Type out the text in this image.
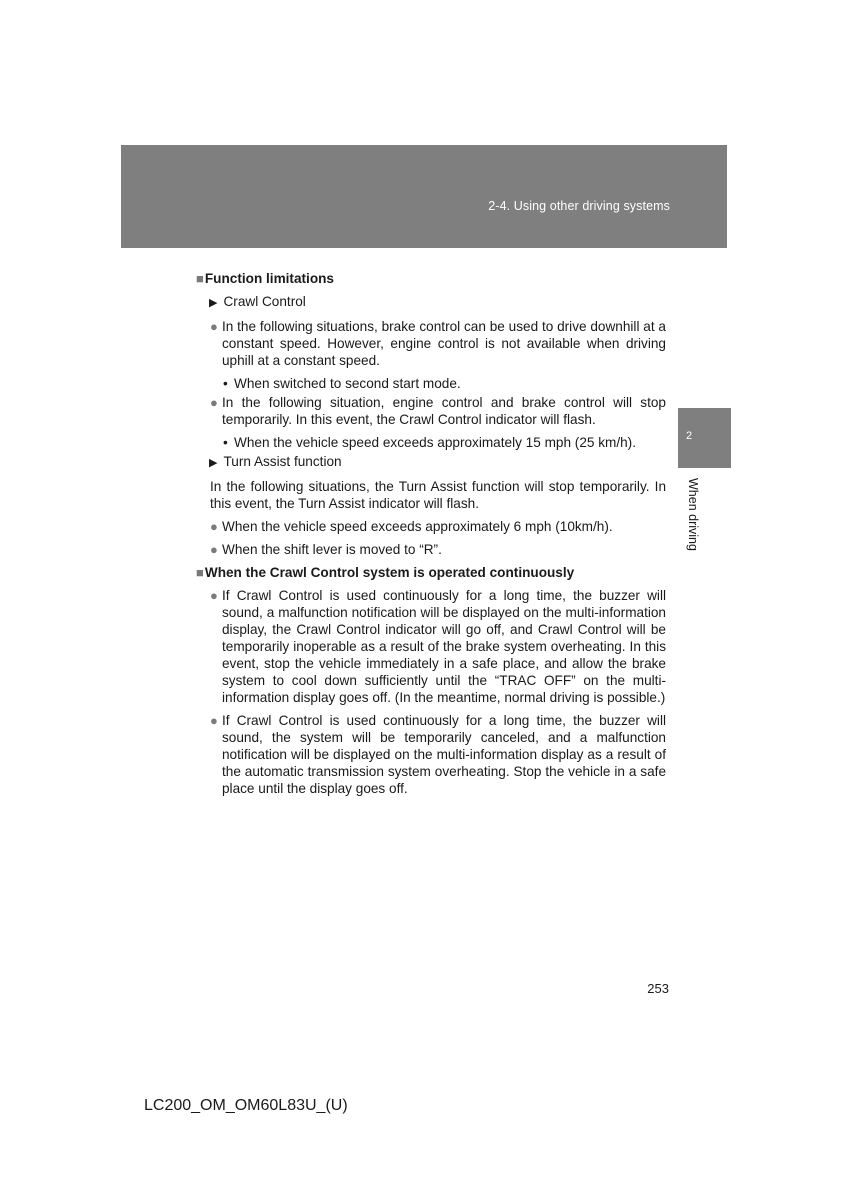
2-4. Using other driving systems
2
When driving
■Function limitations
▶ Crawl Control
● In the following situations, brake control can be used to drive downhill at a constant speed. However, engine control is not available when driving uphill at a constant speed.
• When switched to second start mode.
● In the following situation, engine control and brake control will stop temporarily. In this event, the Crawl Control indicator will flash.
• When the vehicle speed exceeds approximately 15 mph (25 km/h).
▶ Turn Assist function
In the following situations, the Turn Assist function will stop temporarily. In this event, the Turn Assist indicator will flash.
● When the vehicle speed exceeds approximately 6 mph (10km/h).
● When the shift lever is moved to “R”.
■When the Crawl Control system is operated continuously
● If Crawl Control is used continuously for a long time, the buzzer will sound, a malfunction notification will be displayed on the multi-information display, the Crawl Control indicator will go off, and Crawl Control will be temporarily inoperable as a result of the brake system overheating. In this event, stop the vehicle immediately in a safe place, and allow the brake system to cool down sufficiently until the “TRAC OFF” on the multi-information display goes off. (In the meantime, normal driving is possible.)
● If Crawl Control is used continuously for a long time, the buzzer will sound, the system will be temporarily canceled, and a malfunction notification will be displayed on the multi-information display as a result of the automatic transmission system overheating. Stop the vehicle in a safe place until the display goes off.
253
LC200_OM_OM60L83U_(U)
